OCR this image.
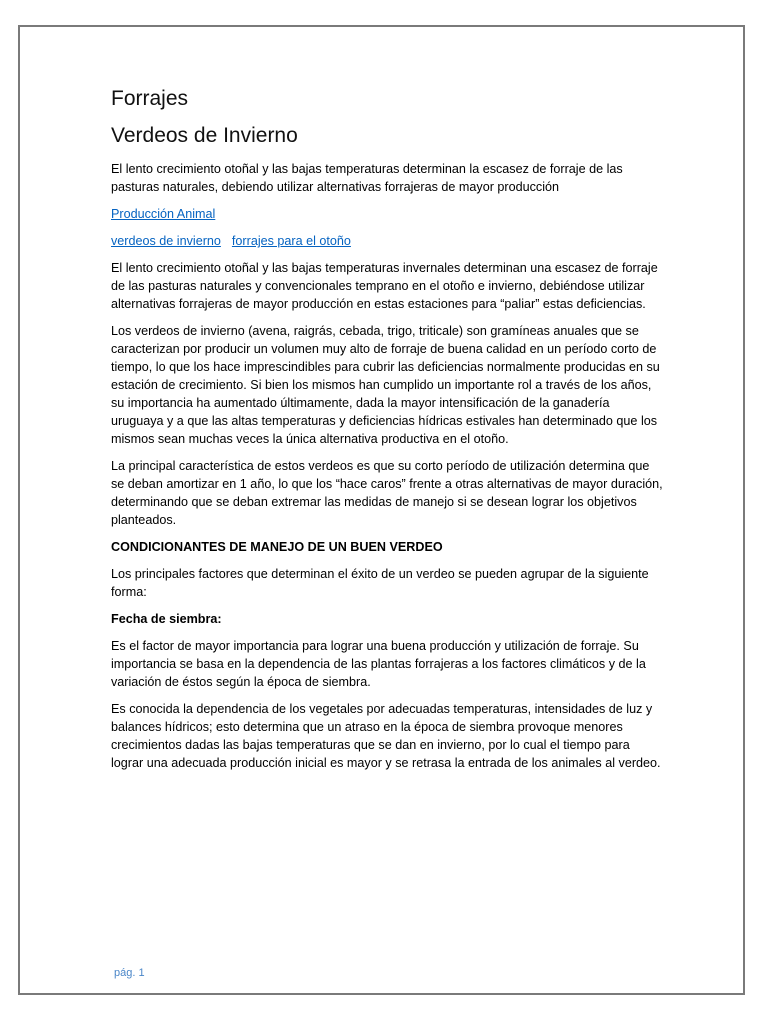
Forrajes
Verdeos de Invierno

El lento crecimiento otoñal y las bajas temperaturas determinan la escasez de forraje de las pasturas naturales, debiendo utilizar alternativas forrajeras de mayor producción

Producción Animal

verdeos de invierno forrajes para el otoño

El lento crecimiento otoñal y las bajas temperaturas invernales determinan una escasez de forraje de las pasturas naturales y convencionales temprano en el otoño e invierno, debiéndose utilizar alternativas forrajeras de mayor producción en estas estaciones para “paliar” estas deficiencias.

Los verdeos de invierno (avena, raigrás, cebada, trigo, triticale) son gramíneas anuales que se caracterizan por producir un volumen muy alto de forraje de buena calidad en un período corto de tiempo, lo que los hace imprescindibles para cubrir las deficiencias normalmente producidas en su estación de crecimiento. Si bien los mismos han cumplido un importante rol a través de los años, su importancia ha aumentado últimamente, dada la mayor intensificación de la ganadería uruguaya y a que las altas temperaturas y deficiencias hídricas estivales han determinado que los mismos sean muchas veces la única alternativa productiva en el otoño.

La principal característica de estos verdeos es que su corto período de utilización determina que se deban amortizar en 1 año, lo que los “hace caros” frente a otras alternativas de mayor duración, determinando que se deban extremar las medidas de manejo si se desean lograr los objetivos planteados.

CONDICIONANTES DE MANEJO DE UN BUEN VERDEO

Los principales factores que determinan el éxito de un verdeo se pueden agrupar de la siguiente forma:

Fecha de siembra:

Es el factor de mayor importancia para lograr una buena producción y utilización de forraje. Su importancia se basa en la dependencia de las plantas forrajeras a los factores climáticos y de la variación de éstos según la época de siembra.

Es conocida la dependencia de los vegetales por adecuadas temperaturas, intensidades de luz y balances hídricos; esto determina que un atraso en la época de siembra provoque menores crecimientos dadas las bajas temperaturas que se dan en invierno, por lo cual el tiempo para lograr una adecuada producción inicial es mayor y se retrasa la entrada de los animales al verdeo.

pág. 1
